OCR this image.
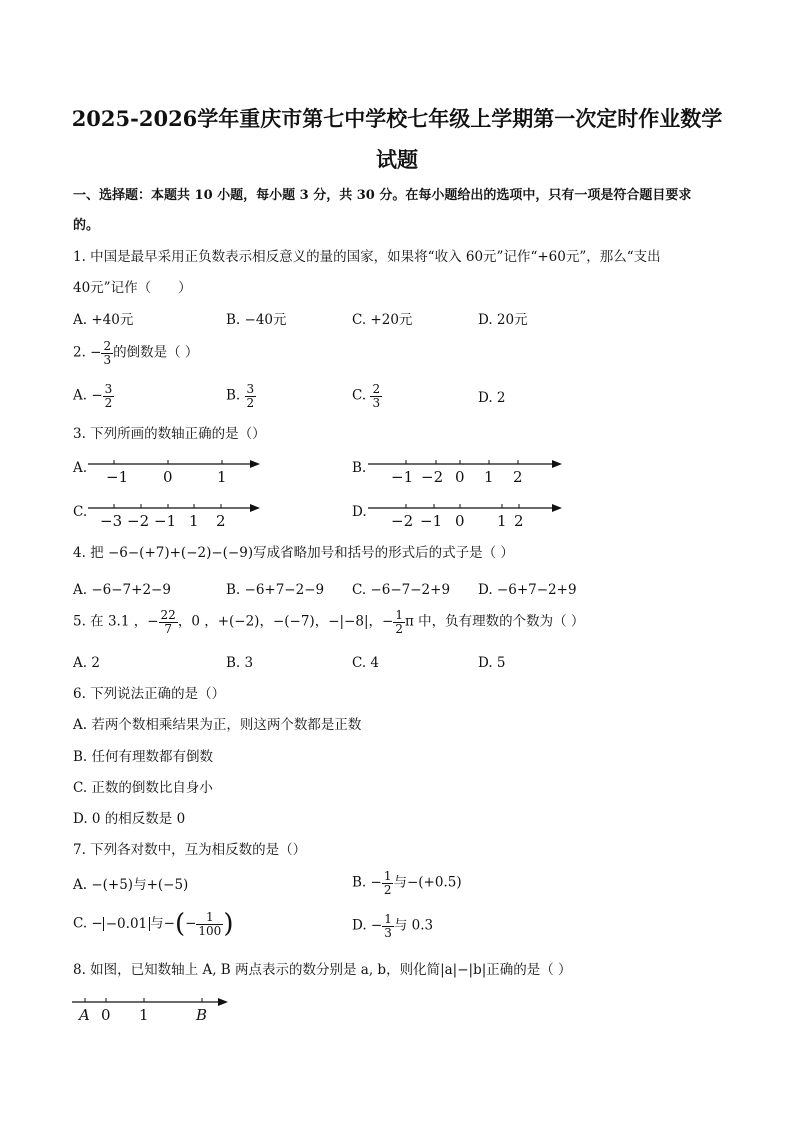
2025-2026学年重庆市第七中学校七年级上学期第一次定时作业数学
试题
一、选择题：本题共 10 小题，每小题 3 分，共 30 分。在每小题给出的选项中，只有一项是符合题目要求
的。
1. 中国是最早采用正负数表示相反意义的量的国家，如果将“收入 60元”记作“+60元”，那么“支出
40元”记作（　　）
A. +40元	B. −40元	C. +20元	D. 20元
2. − $\frac{2}{3}$ 的倒数是（ ）
A. − $\frac{3}{2}$	B. $\frac{3}{2}$	C. $\frac{2}{3}$	D. 2
3. 下列所画的数轴正确的是（）
A. −1 0	1	B. −1 −2 0 1 2
C. −3 −2 −1 1 2	D. −2 −1 0 1 2
4. 把 −6−(+7)+(−2)−(−9)写成省略加号和括号的形式后的式子是（ ）
A. −6−7+2−9	B. −6+7−2−9 C. −6−7−2+9 D. −6+7−2+9
5. 在 3.1 ，− $\frac{22}{7}$ ，0 ，+(−2)，−(−7)，−|−8|，− $\frac{1}{2}$ π 中，负有理数的个数为（ ）
A. 2	B. 3	C. 4	D. 5
6. 下列说法正确的是（）
A. 若两个数相乘结果为正，则这两个数都是正数
B. 任何有理数都有倒数
C. 正数的倒数比自身小
D. 0 的相反数是 0
7. 下列各对数中，互为相反数的是（）
A. −(+5)与+(−5)	B. − $\frac{1}{2}$ 与−(+0.5)
C. − −0.01 与−(− $\frac{1}{100}$ )	D. − $\frac{1}{3}$ 与 0.3
8. 如图，已知数轴上 A, B 两点表示的数分别是 a, b，则化简|a|−|b|正确的是（ ）
A 0 1	B
